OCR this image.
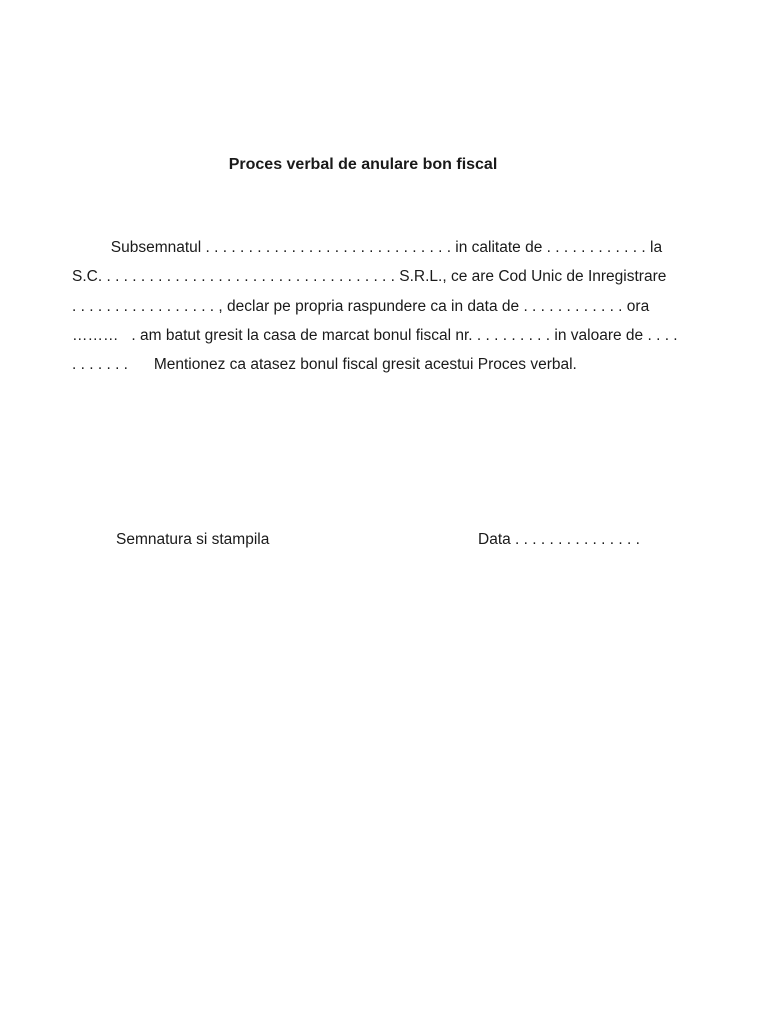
Proces verbal de anulare bon fiscal
Subsemnatul . . . . . . . . . . . . . . . . . . . . . . . . . . . . . in calitate de . . . . . . . . . . . . la
S.C. . . . . . . . . . . . . . . . . . . . . . . . . . . . . . . . . . . S.R.L., ce are Cod Unic de Inregistrare
. . . . . . . . . . . . . . . . . , declar pe propria raspundere ca in data de . . . . . . . . . . . . ora
………   . am batut gresit la casa de marcat bonul fiscal nr. . . . . . . . . . in valoare de . . . .
. . . . . . .      Mentionez ca atasez bonul fiscal gresit acestui Proces verbal.
Semnatura si stampila	Data . . . . . . . . . . . . . . .
